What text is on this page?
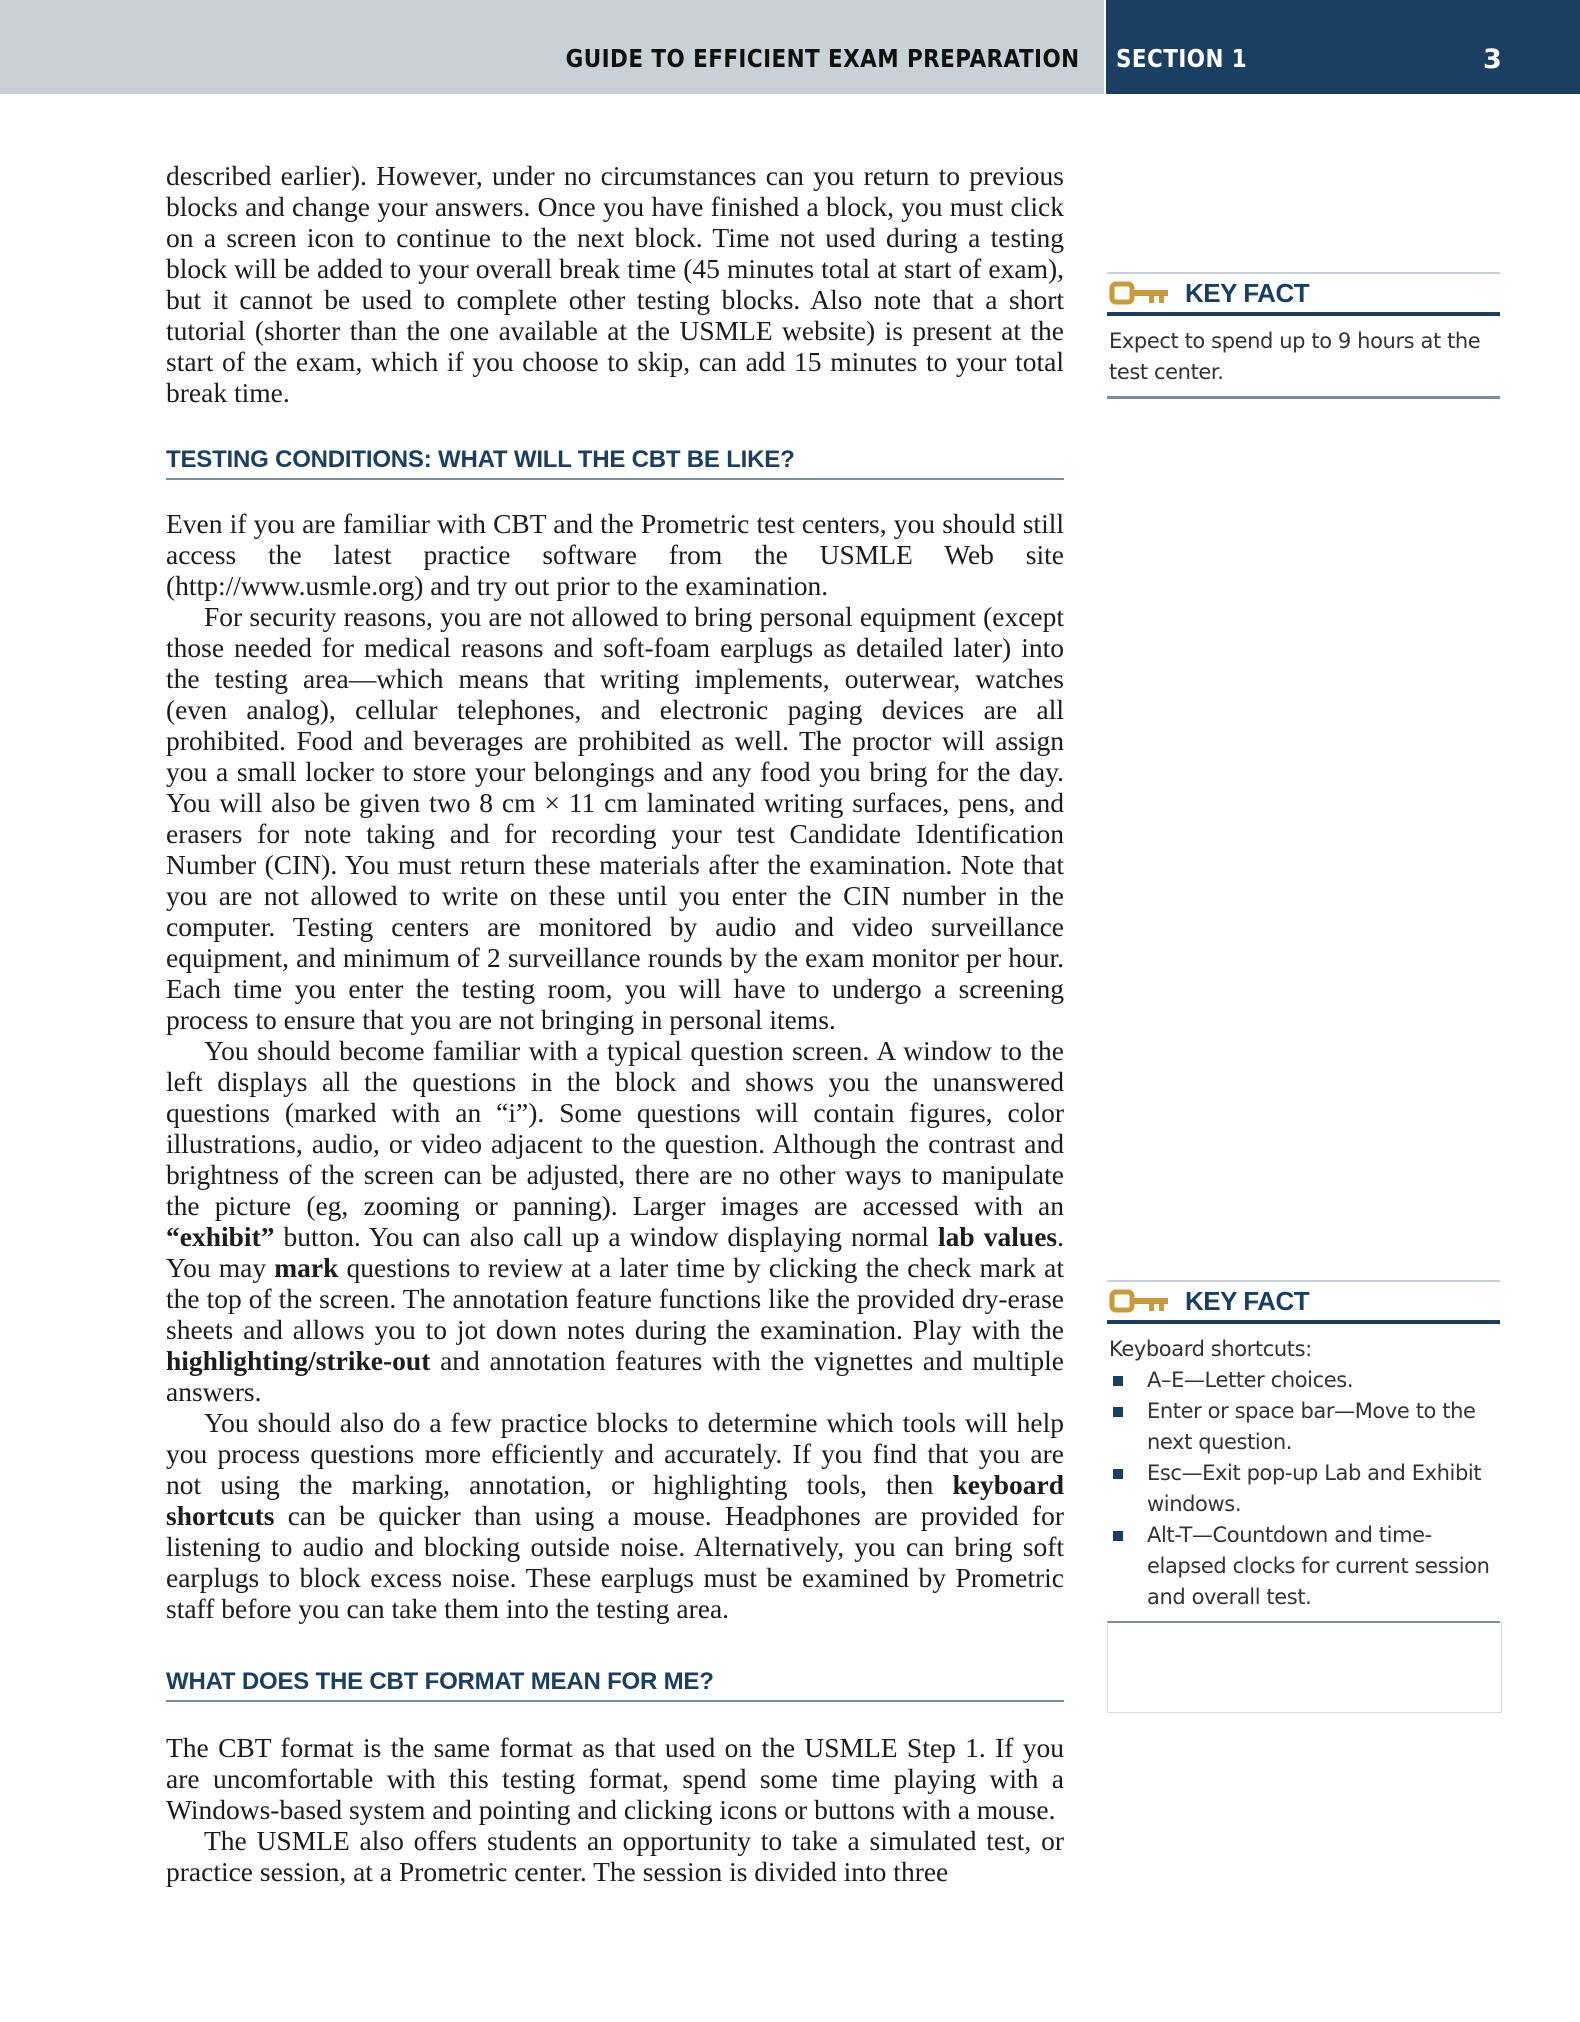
GUIDE TO EFFICIENT EXAM PREPARATION SECTION 1	3

described earlier). However, under no circumstances can you return to previous blocks and change your answers. Once you have finished a block, you must click on a screen icon to continue to the next block. Time not used during a testing block will be added to your overall break time (45 minutes total at start of exam), but it cannot be used to complete other testing blocks. Also note that a short tutorial (shorter than the one available at the USMLE website) is present at the start of the exam, which if you choose to skip, can add 15 minutes to your total break time.

TESTING CONDITIONS: WHAT WILL THE CBT BE LIKE?

Even if you are familiar with CBT and the Prometric test centers, you should still access the latest practice software from the USMLE Web site (http://www.usmle.org) and try out prior to the examination.

For security reasons, you are not allowed to bring personal equipment (except those needed for medical reasons and soft-foam earplugs as detailed later) into the testing area—which means that writing implements, outerwear, watches (even analog), cellular telephones, and electronic paging devices are all prohibited. Food and beverages are prohibited as well. The proctor will assign you a small locker to store your belongings and any food you bring for the day. You will also be given two 8 cm × 11 cm laminated writing surfaces, pens, and erasers for note taking and for recording your test Candidate Identification Number (CIN). You must return these materials after the examination. Note that you are not allowed to write on these until you enter the CIN number in the computer. Testing centers are monitored by audio and video surveillance equipment, and minimum of 2 surveillance rounds by the exam monitor per hour. Each time you enter the testing room, you will have to undergo a screening process to ensure that you are not bringing in personal items.

You should become familiar with a typical question screen. A window to the left displays all the questions in the block and shows you the unanswered questions (marked with an “i”). Some questions will contain figures, color illustrations, audio, or video adjacent to the question. Although the contrast and brightness of the screen can be adjusted, there are no other ways to manipulate the picture (eg, zooming or panning). Larger images are accessed with an “exhibit” button. You can also call up a window displaying normal lab values. You may mark questions to review at a later time by clicking the check mark at the top of the screen. The annotation feature functions like the provided dry-erase sheets and allows you to jot down notes during the examination. Play with the highlighting/strike-out and annotation features with the vignettes and multiple answers.

You should also do a few practice blocks to determine which tools will help you process questions more efficiently and accurately. If you find that you are not using the marking, annotation, or highlighting tools, then keyboard shortcuts can be quicker than using a mouse. Headphones are provided for listening to audio and blocking outside noise. Alternatively, you can bring soft earplugs to block excess noise. These earplugs must be examined by Prometric staff before you can take them into the testing area.

WHAT DOES THE CBT FORMAT MEAN FOR ME?

The CBT format is the same format as that used on the USMLE Step 1. If you are uncomfortable with this testing format, spend some time playing with a Windows-based system and pointing and clicking icons or buttons with a mouse.

The USMLE also offers students an opportunity to take a simulated test, or practice session, at a Prometric center. The session is divided into three

KEY FACT
Expect to spend up to 9 hours at the test center.
KEY FACT
Keyboard shortcuts:
A–E—Letter choices.
Enter or space bar—Move to the next question.
Esc—Exit pop-up Lab and Exhibit windows.
Alt-T—Countdown and time-elapsed clocks for current session and overall test.
